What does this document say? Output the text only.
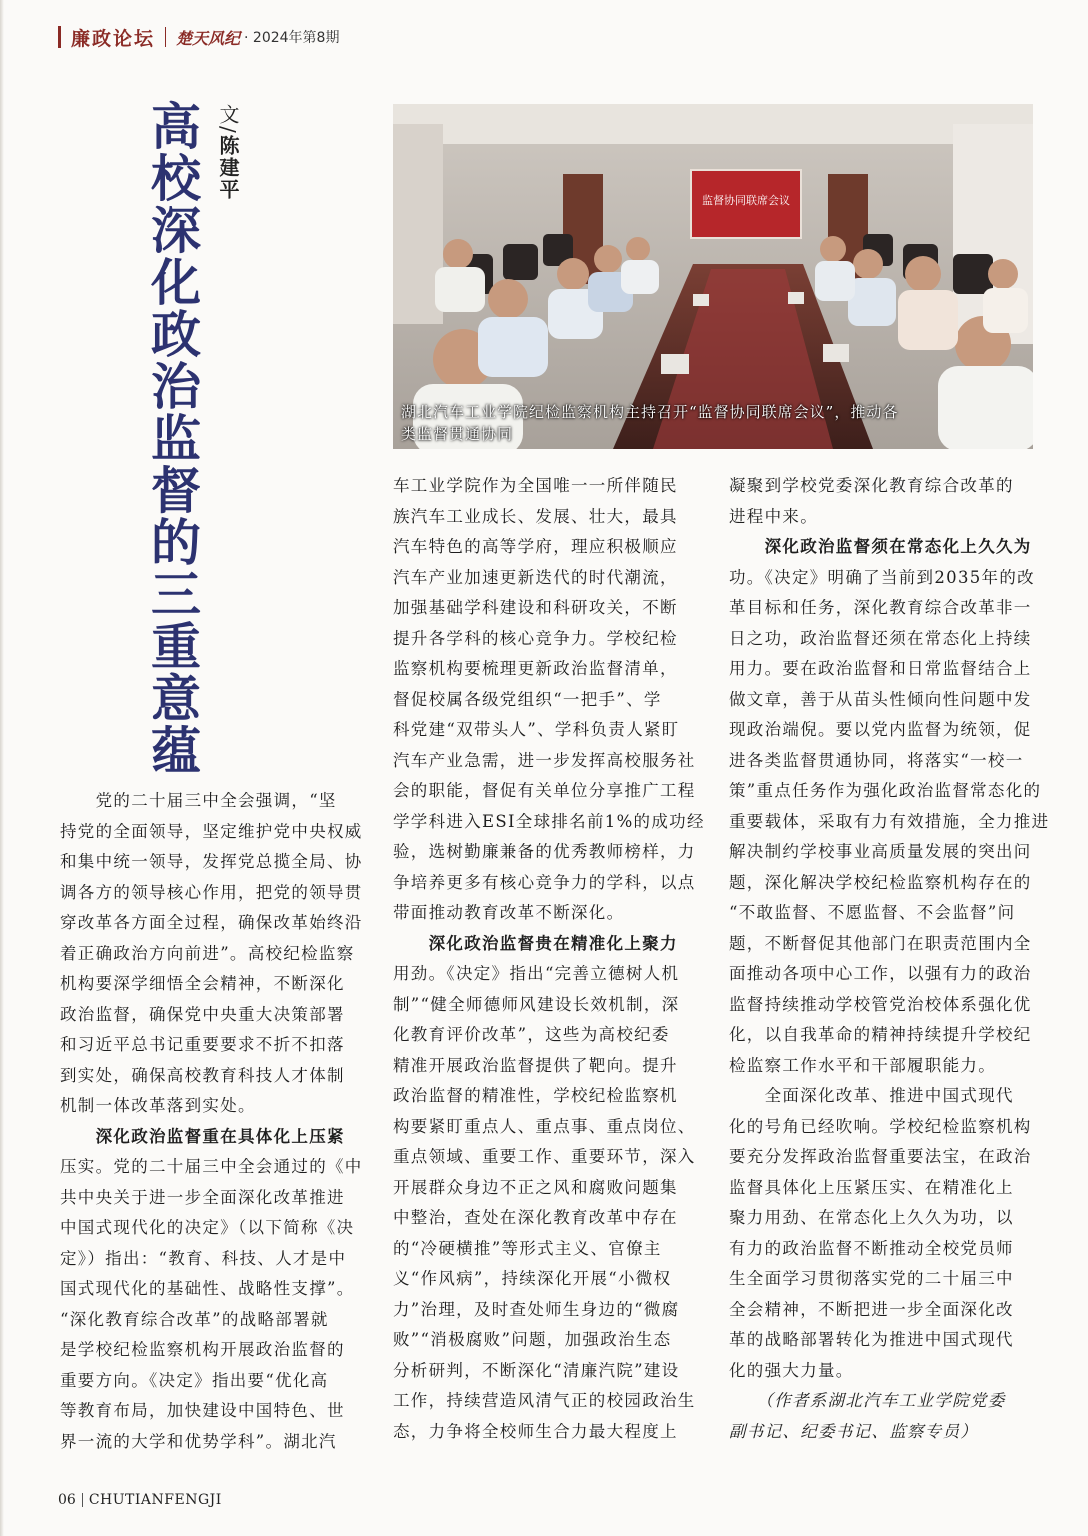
廉政论坛 楚天风纪 · 2024年第8期
高校深化政治监督的三重意蕴 文/陈建平	监督协同联席会议
湖北汽车工业学院纪检监察机构主持召开“监督协同联席会议”，推动各
类监督贯通协同

　　党的二十届三中全会强调，“坚

持党的全面领导，坚定维护党中央权威

和集中统一领导，发挥党总揽全局、协

调各方的领导核心作用，把党的领导贯

穿改革各方面全过程，确保改革始终沿

着正确政治方向前进”。高校纪检监察

机构要深学细悟全会精神，不断深化

政治监督，确保党中央重大决策部署

和习近平总书记重要要求不折不扣落

到实处，确保高校教育科技人才体制

机制一体改革落到实处。

　　深化政治监督重在具体化上压紧

压实。党的二十届三中全会通过的《中

共中央关于进一步全面深化改革推进

中国式现代化的决定》（以下简称《决

定》）指出：“教育、科技、人才是中

国式现代化的基础性、战略性支撑”。

“深化教育综合改革”的战略部署就

是学校纪检监察机构开展政治监督的

重要方向。《决定》指出要“优化高

等教育布局，加快建设中国特色、世

界一流的大学和优势学科”。湖北汽

车工业学院作为全国唯一一所伴随民

族汽车工业成长、发展、壮大，最具

汽车特色的高等学府，理应积极顺应

汽车产业加速更新迭代的时代潮流，

加强基础学科建设和科研攻关，不断

提升各学科的核心竞争力。学校纪检

监察机构要梳理更新政治监督清单，

督促校属各级党组织“一把手”、学

科党建“双带头人”、学科负责人紧盯

汽车产业急需，进一步发挥高校服务社

会的职能，督促有关单位分享推广工程

学学科进入ESI全球排名前1%的成功经

验，选树勤廉兼备的优秀教师榜样，力

争培养更多有核心竞争力的学科，以点

带面推动教育改革不断深化。

　　深化政治监督贵在精准化上聚力

用劲。《决定》指出“完善立德树人机

制”“健全师德师风建设长效机制，深

化教育评价改革”，这些为高校纪委

精准开展政治监督提供了靶向。提升

政治监督的精准性，学校纪检监察机

构要紧盯重点人、重点事、重点岗位、

重点领域、重要工作、重要环节，深入

开展群众身边不正之风和腐败问题集

中整治，查处在深化教育改革中存在

的“冷硬横推”等形式主义、官僚主

义“作风病”，持续深化开展“小微权

力”治理，及时查处师生身边的“微腐

败”“消极腐败”问题，加强政治生态

分析研判，不断深化“清廉汽院”建设

工作，持续营造风清气正的校园政治生

态，力争将全校师生合力最大程度上

凝聚到学校党委深化教育综合改革的

进程中来。

　　深化政治监督须在常态化上久久为

功。《决定》明确了当前到2035年的改

革目标和任务，深化教育综合改革非一

日之功，政治监督还须在常态化上持续

用力。要在政治监督和日常监督结合上

做文章，善于从苗头性倾向性问题中发

现政治端倪。要以党内监督为统领，促

进各类监督贯通协同，将落实“一校一

策”重点任务作为强化政治监督常态化的

重要载体，采取有力有效措施，全力推进

解决制约学校事业高质量发展的突出问

题，深化解决学校纪检监察机构存在的

“不敢监督、不愿监督、不会监督”问

题，不断督促其他部门在职责范围内全

面推动各项中心工作，以强有力的政治

监督持续推动学校管党治校体系强化优

化，以自我革命的精神持续提升学校纪

检监察工作水平和干部履职能力。

　　全面深化改革、推进中国式现代

化的号角已经吹响。学校纪检监察机构

要充分发挥政治监督重要法宝，在政治

监督具体化上压紧压实、在精准化上

聚力用劲、在常态化上久久为功，以

有力的政治监督不断推动全校党员师

生全面学习贯彻落实党的二十届三中

全会精神，不断把进一步全面深化改

革的战略部署转化为推进中国式现代

化的强大力量。

　　（作者系湖北汽车工业学院党委

副书记、纪委书记、监察专员）

06 CHUTIANFENGJI
